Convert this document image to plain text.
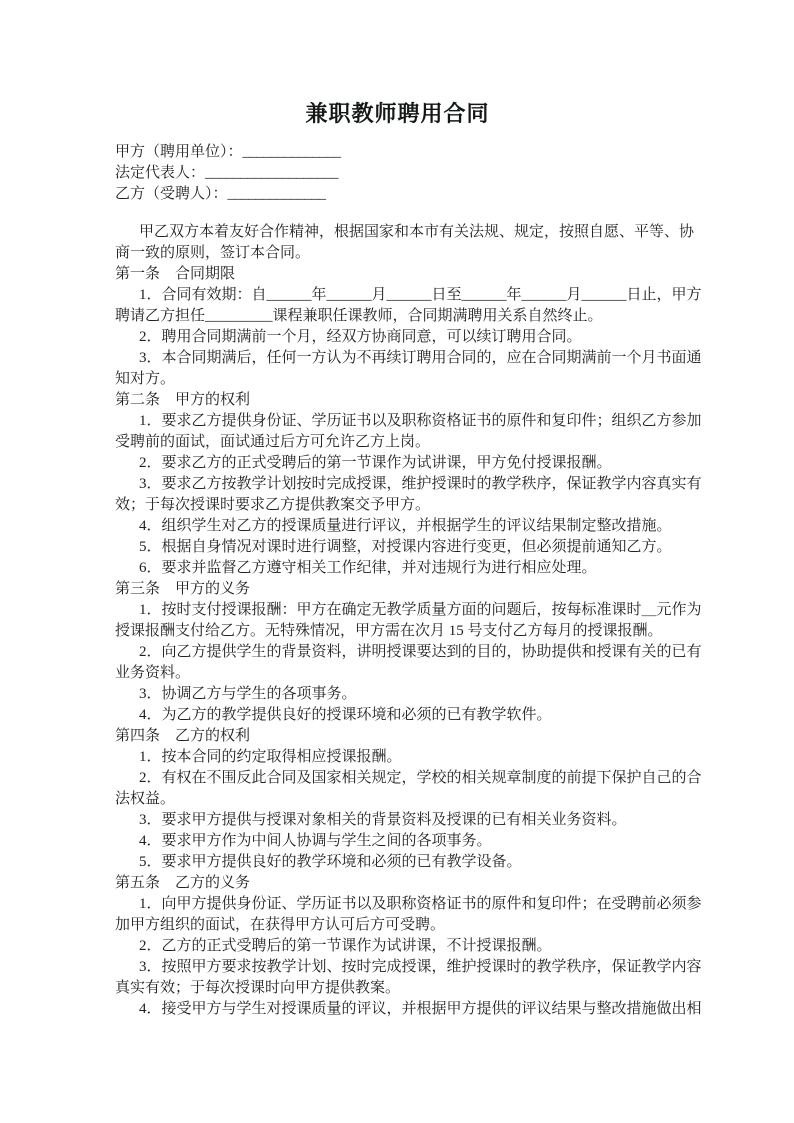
兼职教师聘用合同

甲方（聘用单位）：______________

法定代表人：___________________

乙方（受聘人）：______________

甲乙双方本着友好合作精神，根据国家和本市有关法规、规定，按照自愿、平等、协商一致的原则，签订本合同。

第一条　合同期限

1．合同有效期：自______年______月______日至______年______月______日止，甲方聘请乙方担任_________课程兼职任课教师，合同期满聘用关系自然终止。

2．聘用合同期满前一个月，经双方协商同意，可以续订聘用合同。

3．本合同期满后，任何一方认为不再续订聘用合同的，应在合同期满前一个月书面通知对方。

第二条　甲方的权利

1．要求乙方提供身份证、学历证书以及职称资格证书的原件和复印件；组织乙方参加受聘前的面试，面试通过后方可允许乙方上岗。

2．要求乙方的正式受聘后的第一节课作为试讲课，甲方免付授课报酬。

3．要求乙方按教学计划按时完成授课，维护授课时的教学秩序，保证教学内容真实有效；于每次授课时要求乙方提供教案交予甲方。

4．组织学生对乙方的授课质量进行评议，并根据学生的评议结果制定整改措施。

5．根据自身情况对课时进行调整，对授课内容进行变更，但必须提前通知乙方。

6．要求并监督乙方遵守相关工作纪律，并对违规行为进行相应处理。

第三条　甲方的义务

1．按时支付授课报酬：甲方在确定无教学质量方面的问题后，按每标准课时＿元作为授课报酬支付给乙方。无特殊情况，甲方需在次月 15 号支付乙方每月的授课报酬。

2．向乙方提供学生的背景资料，讲明授课要达到的目的，协助提供和授课有关的已有业务资料。

3．协调乙方与学生的各项事务。

4．为乙方的教学提供良好的授课环境和必须的已有教学软件。

第四条　乙方的权利

1．按本合同的约定取得相应授课报酬。

2．有权在不围反此合同及国家相关规定，学校的相关规章制度的前提下保护自己的合法权益。

3．要求甲方提供与授课对象相关的背景资料及授课的已有相关业务资料。

4．要求甲方作为中间人协调与学生之间的各项事务。

5．要求甲方提供良好的教学环境和必须的已有教学设备。

第五条　乙方的义务

1．向甲方提供身份证、学历证书以及职称资格证书的原件和复印件；在受聘前必须参加甲方组织的面试，在获得甲方认可后方可受聘。

2．乙方的正式受聘后的第一节课作为试讲课，不计授课报酬。

3．按照甲方要求按教学计划、按时完成授课，维护授课时的教学秩序，保证教学内容真实有效；于每次授课时向甲方提供教案。

4．接受甲方与学生对授课质量的评议，并根据甲方提供的评议结果与整改措施做出相
